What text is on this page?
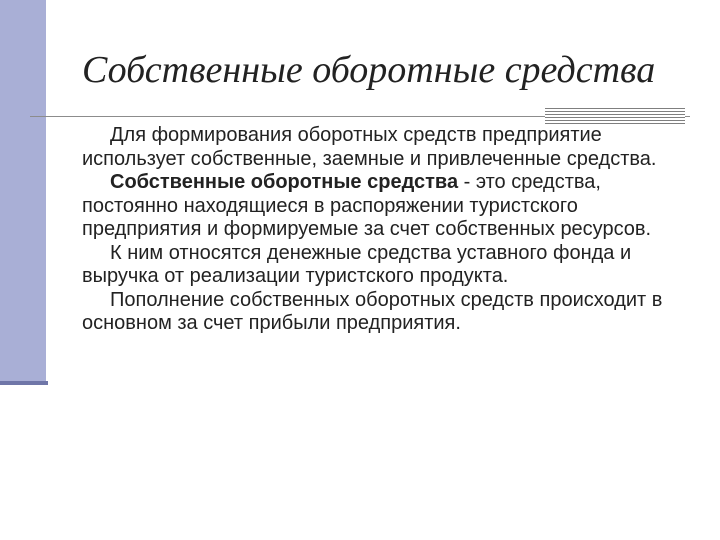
Собственные оборотные средства

Для формирования оборотных средств предприятие использует собственные, заемные и привлеченные средства.

Собственные оборотные средства - это средства, постоянно находящиеся в распоряжении туристского предприятия и формируемые за счет собственных ресурсов.

К ним относятся денежные средства уставного фонда и выручка от реализации туристского продукта.

Пополнение собственных оборотных средств происходит в основном за счет прибыли предприятия.
